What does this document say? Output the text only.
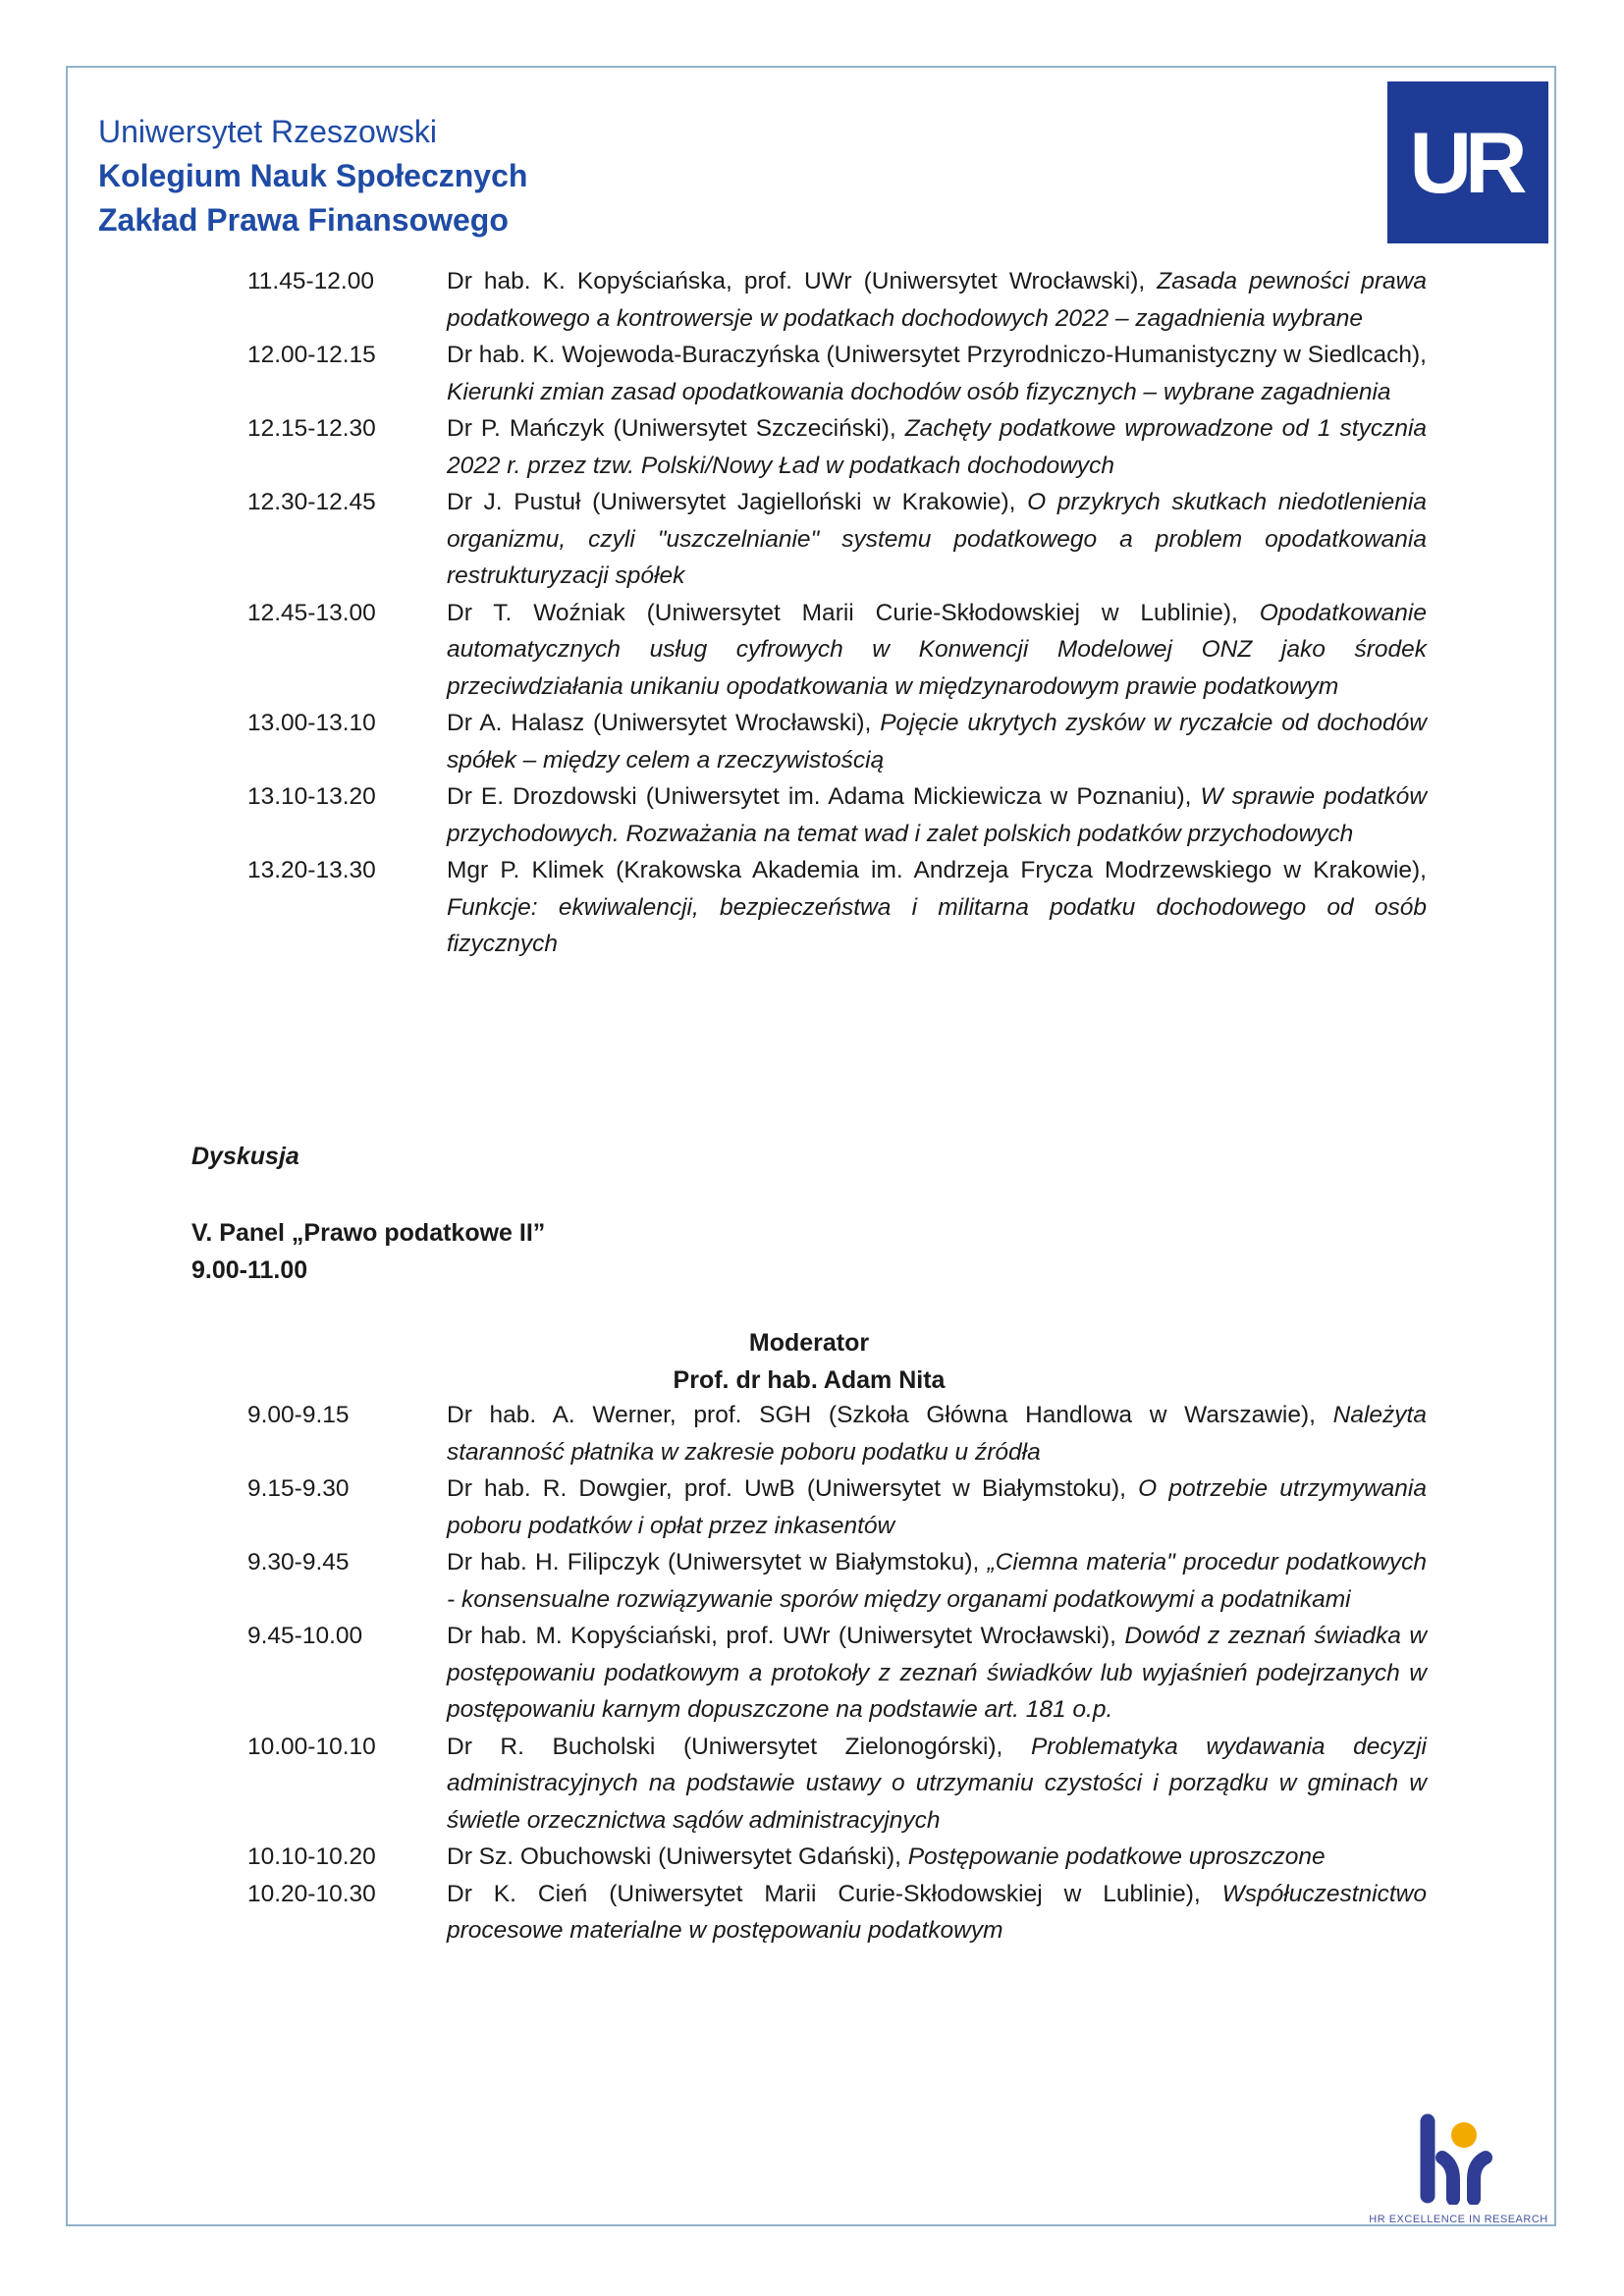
Uniwersytet Rzeszowski
Kolegium Nauk Społecznych
Zakład Prawa Finansowego
UR
11.45-12.00	Dr hab. K. Kopyściańska, prof. UWr (Uniwersytet Wrocławski), Zasada pewności prawa podatkowego a kontrowersje w podatkach dochodowych 2022 – zagadnienia wybrane
12.00-12.15	Dr hab. K. Wojewoda-Buraczyńska (Uniwersytet Przyrodniczo-Humanistyczny w Siedlcach), Kierunki zmian zasad opodatkowania dochodów osób fizycznych – wybrane zagadnienia
12.15-12.30	Dr P. Mańczyk (Uniwersytet Szczeciński), Zachęty podatkowe wprowadzone od 1 stycznia 2022 r. przez tzw. Polski/Nowy Ład w podatkach dochodowych
12.30-12.45	Dr J. Pustuł (Uniwersytet Jagielloński w Krakowie), O przykrych skutkach niedotlenienia organizmu, czyli "uszczelnianie" systemu podatkowego a problem opodatkowania restrukturyzacji spółek
12.45-13.00	Dr T. Woźniak (Uniwersytet Marii Curie-Skłodowskiej w Lublinie), Opodatkowanie automatycznych usług cyfrowych w Konwencji Modelowej ONZ jako środek przeciwdziałania unikaniu opodatkowania w międzynarodowym prawie podatkowym
13.00-13.10	Dr A. Halasz (Uniwersytet Wrocławski), Pojęcie ukrytych zysków w ryczałcie od dochodów spółek – między celem a rzeczywistością
13.10-13.20	Dr E. Drozdowski (Uniwersytet im. Adama Mickiewicza w Poznaniu), W sprawie podatków przychodowych. Rozważania na temat wad i zalet polskich podatków przychodowych
13.20-13.30	Mgr P. Klimek (Krakowska Akademia im. Andrzeja Frycza Modrzewskiego w Krakowie), Funkcje: ekwiwalencji, bezpieczeństwa i militarna podatku dochodowego od osób fizycznych
Dyskusja
V. Panel „Prawo podatkowe II”
9.00-11.00
Moderator
Prof. dr hab. Adam Nita
9.00-9.15	Dr hab. A. Werner, prof. SGH (Szkoła Główna Handlowa w Warszawie), Należyta staranność płatnika w zakresie poboru podatku u źródła
9.15-9.30	Dr hab. R. Dowgier, prof. UwB (Uniwersytet w Białymstoku), O potrzebie utrzymywania poboru podatków i opłat przez inkasentów
9.30-9.45	Dr hab. H. Filipczyk (Uniwersytet w Białymstoku), „Ciemna materia" procedur podatkowych - konsensualne rozwiązywanie sporów między organami podatkowymi a podatnikami
9.45-10.00	Dr hab. M. Kopyściański, prof. UWr (Uniwersytet Wrocławski), Dowód z zeznań świadka w postępowaniu podatkowym a protokoły z zeznań świadków lub wyjaśnień podejrzanych w postępowaniu karnym dopuszczone na podstawie art. 181 o.p.
10.00-10.10	Dr R. Bucholski (Uniwersytet Zielonogórski), Problematyka wydawania decyzji administracyjnych na podstawie ustawy o utrzymaniu czystości i porządku w gminach w świetle orzecznictwa sądów administracyjnych
10.10-10.20	Dr Sz. Obuchowski (Uniwersytet Gdański), Postępowanie podatkowe uproszczone
10.20-10.30	Dr K. Cień (Uniwersytet Marii Curie-Skłodowskiej w Lublinie), Współuczestnictwo procesowe materialne w postępowaniu podatkowym
HR EXCELLENCE IN RESEARCH
